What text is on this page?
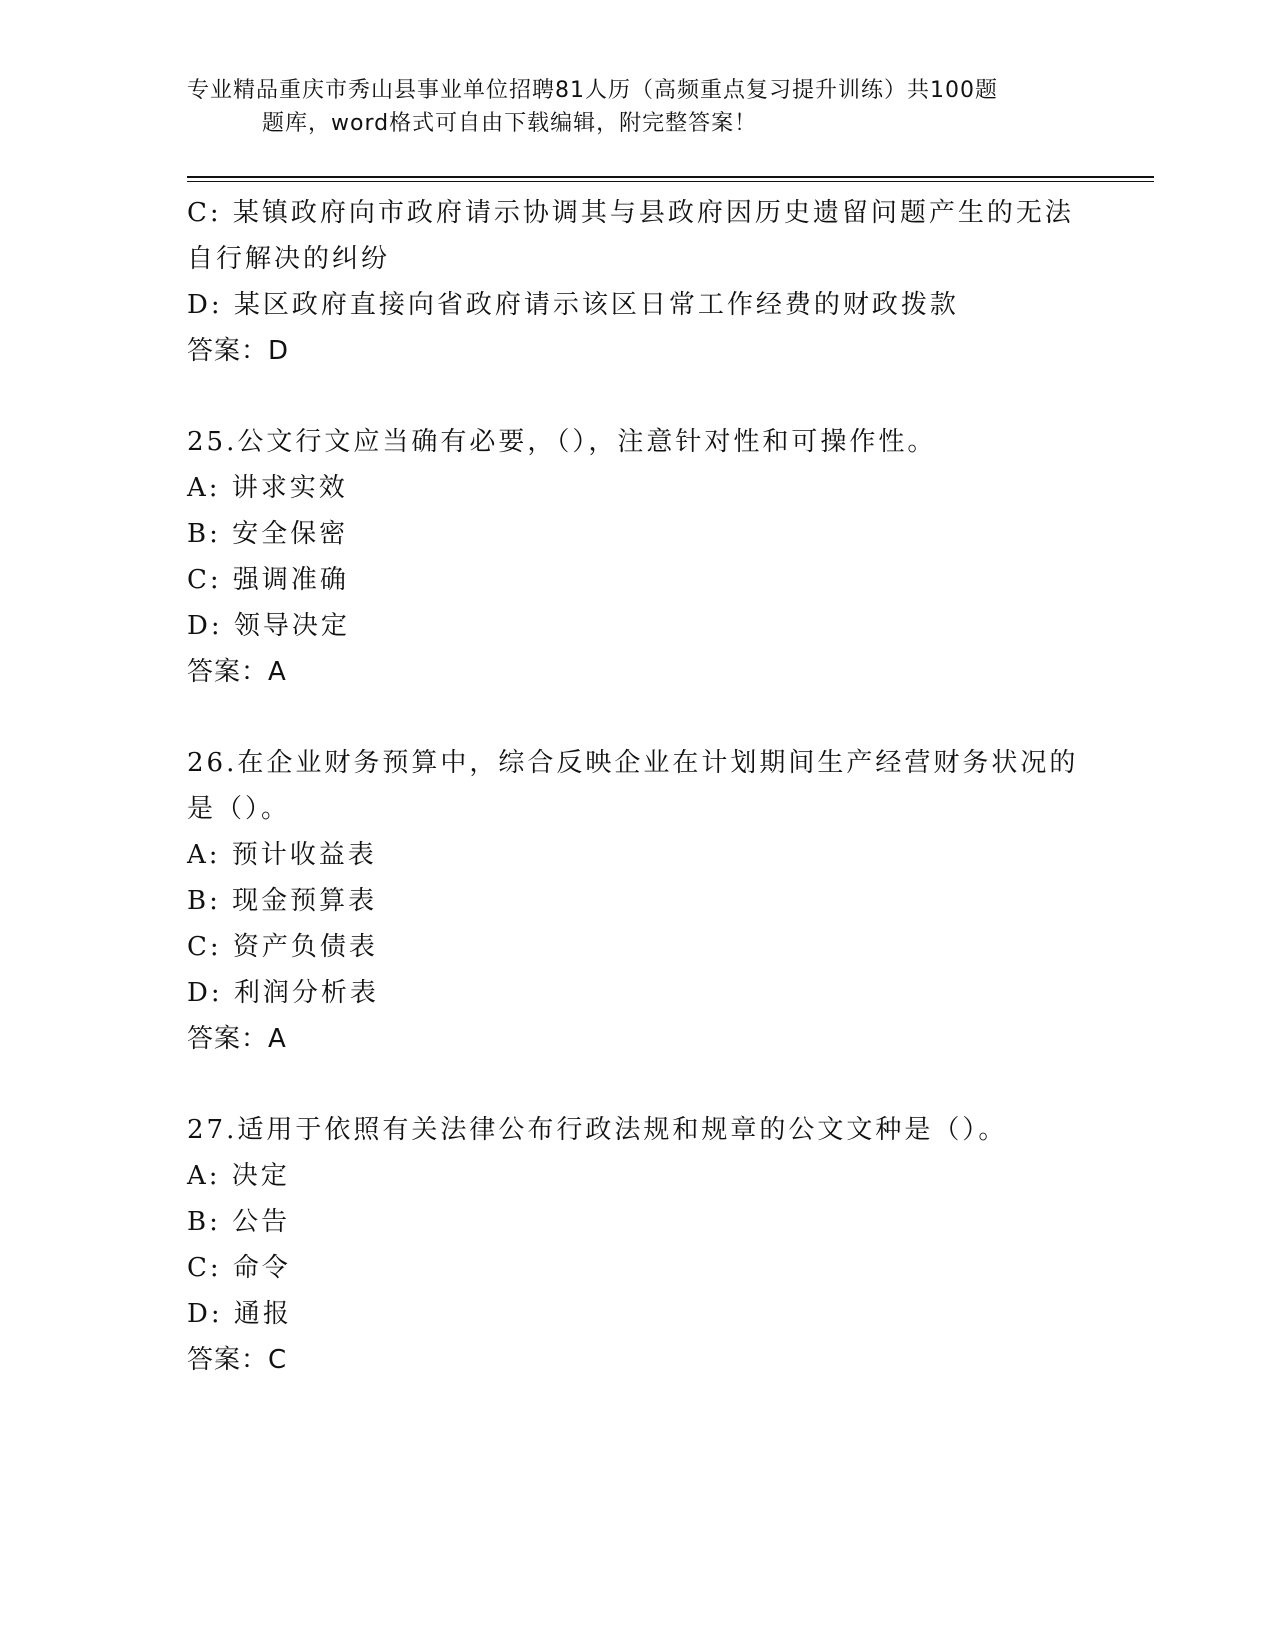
专业精品重庆市秀山县事业单位招聘81人历（高频重点复习提升训练）共100题
题库，word格式可自由下载编辑，附完整答案！
C: 某镇政府向市政府请示协调其与县政府因历史遗留问题产生的无法
自行解决的纠纷
D: 某区政府直接向省政府请示该区日常工作经费的财政拨款
答案：D
25.公文行文应当确有必要，（），注意针对性和可操作性。
A: 讲求实效
B: 安全保密
C: 强调准确
D: 领导决定
答案：A
26.在企业财务预算中，综合反映企业在计划期间生产经营财务状况的
是（）。
A: 预计收益表
B: 现金预算表
C: 资产负债表
D: 利润分析表
答案：A
27.适用于依照有关法律公布行政法规和规章的公文文种是（）。
A: 决定
B: 公告
C: 命令
D: 通报
答案：C
